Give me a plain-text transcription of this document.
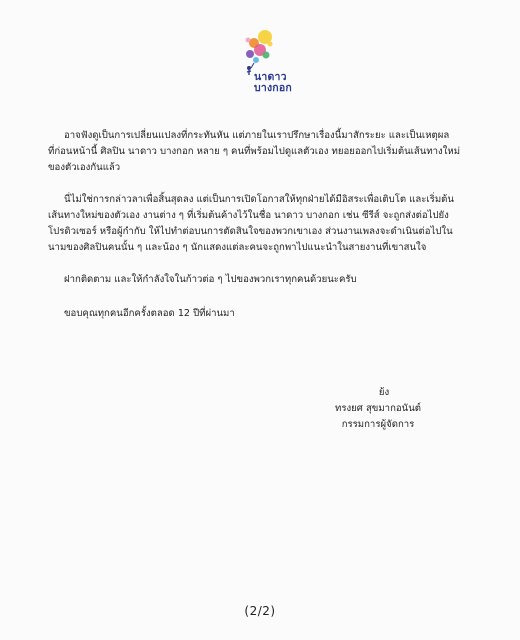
นาดาว
บางกอก

อาจฟังดูเป็นการเปลี่ยนแปลงที่กระทันหัน แต่ภายในเราปรึกษาเรื่องนี้มาสักระยะ และเป็นเหตุผล
ที่ก่อนหน้านี้ ศิลปิน นาดาว บางกอก หลาย ๆ คนที่พร้อมไปดูแลตัวเอง ทยอยออกไปเริ่มต้นเส้นทางใหม่
ของตัวเองกันแล้ว

นี่ไม่ใช่การกล่าวลาเพื่อสิ้นสุดลง แต่เป็นการเปิดโอกาสให้ทุกฝ่ายได้มีอิสระเพื่อเติบโต และเริ่มต้น
เส้นทางใหม่ของตัวเอง งานต่าง ๆ ที่เริ่มต้นค้างไว้ในชื่อ นาดาว บางกอก เช่น ซีรีส์ จะถูกส่งต่อไปยัง
โปรดิวเซอร์ หรือผู้กำกับ ให้ไปทำต่อบนการตัดสินใจของพวกเขาเอง ส่วนงานเพลงจะดำเนินต่อไปใน
นามของศิลปินคนนั้น ๆ และน้อง ๆ นักแสดงแต่ละคนจะถูกพาไปแนะนำในสายงานที่เขาสนใจ

ฝากติดตาม และให้กำลังใจในก้าวต่อ ๆ ไปของพวกเราทุกคนด้วยนะครับ

ขอบคุณทุกคนอีกครั้งตลอด 12 ปีที่ผ่านมา

ย้ง
ทรงยศ สุขมากอนันต์
กรรมการผู้จัดการ
(2/2)
